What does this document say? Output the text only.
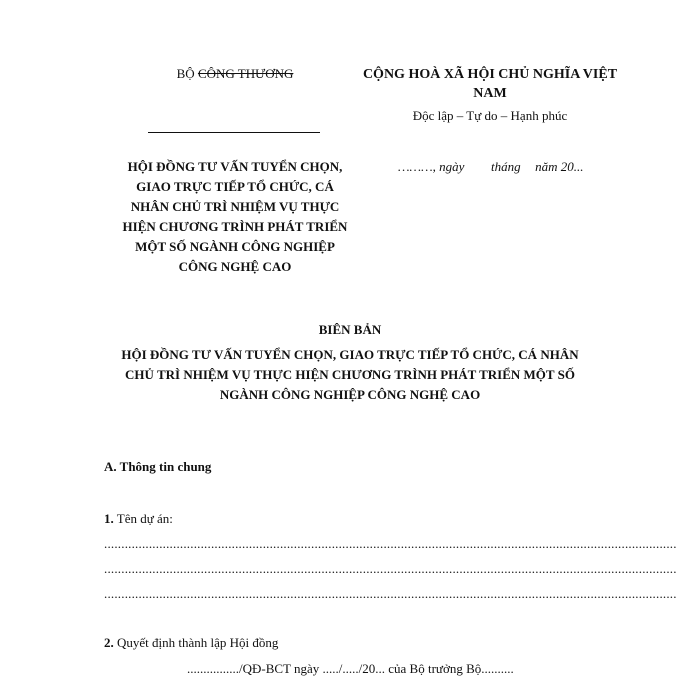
BỘ CÔNG THƯƠNG
HỘI ĐỒNG TƯ VẤN TUYỂN CHỌN,
GIAO TRỰC TIẾP TỔ CHỨC, CÁ
NHÂN CHỦ TRÌ NHIỆM VỤ THỰC
HIỆN CHƯƠNG TRÌNH PHÁT TRIỂN
MỘT SỐ NGÀNH CÔNG NGHIỆP
CÔNG NGHỆ CAO
CỘNG HOÀ XÃ HỘI CHỦ NGHĨA VIỆT
NAM
Độc lập – Tự do – Hạnh phúc
………, ngày tháng năm 20...
BIÊN BẢN
HỘI ĐỒNG TƯ VẤN TUYỂN CHỌN, GIAO TRỰC TIẾP TỔ CHỨC, CÁ NHÂN
CHỦ TRÌ NHIỆM VỤ THỰC HIỆN CHƯƠNG TRÌNH PHÁT TRIỂN MỘT SỐ
NGÀNH CÔNG NGHIỆP CÔNG NGHỆ CAO
A. Thông tin chung
1. Tên dự án:
......................................................................................................................................................................
......................................................................................................................................................................
......................................................................................................................................................................
2. Quyết định thành lập Hội đồng
................/QĐ-BCT ngày ...../...../20... của Bộ trưởng Bộ..........
